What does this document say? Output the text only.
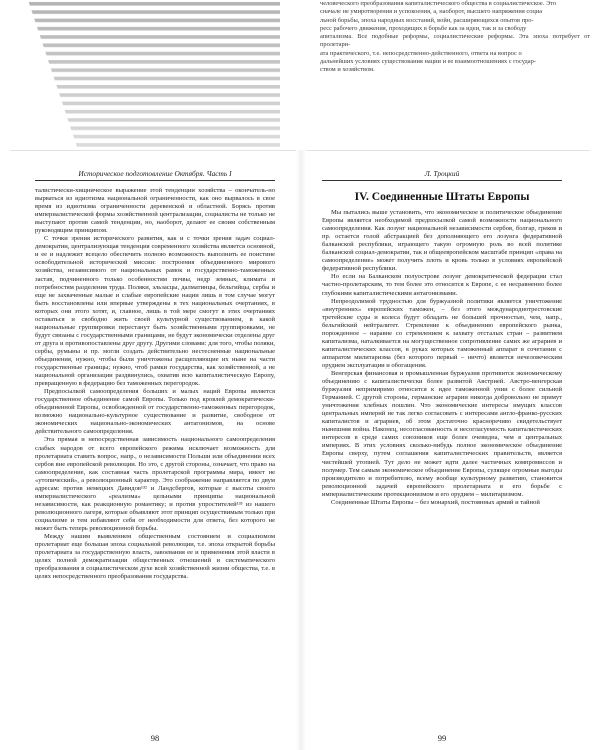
человеческого преобразования капиталистического общества в социалистическое. Это
сначале не умиротворения и успокоения, а, наоборот, высшего напряжения социа
льной борьбы, эпоха народных восстаний, войн, расширяющихся опытов про-
ресс рабочего движения, проходящих в борьбе как за идеи, так и за свободу
апитализма. Все подобные реформы, социалистические реформы. Эта эпоха потребует от пролетари-
ата практического, т.е. непосредственно-действенного, ответа на вопрос о
дальнейших условиях существования нации и ее взаимоотношениях с государ-
ством и хозяйством.
Историческое подготовление Октября. Часть I

талистически-хищническое выражение этой тенденции хозяйства – окончатель-но вырваться из идиотизма национальной ограниченности, как оно вырвалось в свое время из идиотизма ограниченности деревенской и областной. Борясь против империалистической формы хозяйственной централизации, социалисты не только не выступают против самой тенденции, но, наоборот, делают ее своим собственным руководящим принципом.

С точки зрения исторического развития, как и с точки зрения задач социал-демократии, централизующая тенденция современного хозяйства является основной, и ее и надлежит всецело обеспечить полною возможность выполнить ее поистине освободительной исторической миссии: построения объединенного мирового хозяйства, независимого от национальных рамок и государственно-таможенных застав, подчиненного только особенностям почвы, недр земных, климата и потребностям разделения труда. Поляки, эльзасцы, далматинцы, бельгийцы, сербы и еще не захваченные малые и слабые европейские нации лишь в том случае могут быть восстановлены или впервые утверждены в тех национальных очертаниях, в которых они этого хотят, и, главное, лишь в той мере смогут в этих очертаниях оставаться и свободно жить своей культурной существованием, в какой национальные группировки перестанут быть хозяйственными группировками, не будут связаны с государственными границами, не будут экономически отделены друг от друга и противопоставлены друг другу. Другими словами: для того, чтобы поляки, сербы, румыны и пр. могли создать действительно нестесненные национальные объединения, нужно, чтобы были уничтожены расщепляющие их ныне на части государственные границы; нужно, чтоб рамки государства, как хозяйственной, а не национальной организации раздвинулись, охватив всю капиталистическую Европу, превращенную в федерацию без таможенных перегородок.

Предпосылкой самоопределения больших и малых наций Европы является государственное объединение самой Европы. Только под кровлей демократически-объединенной Европы, освобожденной от государственно-таможенных перегородок, возможно национально-культурное существование и развитие, свободное от экономических национально-экономических антагонизмов, на основе действительного самоопределения.

Эта прямая и непосредственная зависимость национального самоопределения слабых народов от всего европейского режима исключает возможность для пролетариата ставить вопрос, напр., о независимости Польши или объединении всех сербов вне европейской революции. Но это, с другой стороны, означает, что право на самоопределение, как составная часть пролетарской программы мира, имеет не «утопический», а революционный характер. Это соображение направляется по двум адресам: против немецких Давидов¹³² и Ландсбергов, которые с высоты своего империалистического «реализма» цельными принципы национальной независимости, как реакционную романтику; и против упростителей¹³³ из нашего революционного лагеря, которые объявляют этот принцип осуществимым только при социализме и тем избавляют себя от необходимости для ответа, без которого не может быть теперь революционной борьбы.

Между нашим выявлением общественным состоянием и социализмом пролетариат еще большая эпоха социальной революции, т.е. эпоха открытой борьбы пролетариата за государственную власть, завоевания ее и применения этой власти в целях полной демократизации общественных отношений и систематического преобразования в социалистическом духе всей хозяйственной жизни общества, т.е. в целях непосредственного преобразования государства.

98
Л. Троцкий
IV. Соединенные Штаты Европы

Мы пытались выше установить, что экономическое и политическое объединение Европы является необходимой предпосылкой самой возможности национального самоопределения. Как лозунг национальной независимости сербов, болгар, греков и пр. остается голой абстракцией без дополняющего его лозунга федеративной балканской республики, играющего такую огромную роль во всей политике балканской социал-демократии, так и общеевропейском масштабе принцип «права на самоопределение» может получить плоть и кровь только в условиях европейской федеративной республики.

Но если на Балканском полуострове лозунг демократической федерации стал частно-пролетарским, то тем более это относится к Европе, с ее несравненно более глубокими капиталистическими антагонизмами.

Непреодолимой трудностью для буржуазной политики является уничтожение «внутренних» европейских таможен, – без этого международнотрестовские третейские суды и колеса будут обладать не большей прочностью, чем, напр., бельгийский нейтралитет. Стремление к объединению европейского рынка, порожденное – наравне со стремлением к захвату отсталых стран – развитием капитализма, наталкивается на могущественное сопротивление самих же аграриев и капиталистических классов, в руках которых таможенный аппарат в сочетании с аппаратом милитаризма (без которого первый – ничто) является нечеловеческим орудием эксплуатации и обогащения.

Венгерская финансовая и промышленная буржуазия противится экономическому объединению с капиталистически более развитой Австрией. Австро-венгерская буржуазия непримиримо относится к идее таможенной унии с более сильной Германией. С другой стороны, германские аграрии никогда добровольно не примут уничтожения хлебных пошлин. Что экономические интересы имущих классов центральных империй не так легко согласовать с интересами англо-франко-русских капиталистов и аграриев, об этом достаточно красноречиво свидетельствует нынешняя война. Наконец, несогласованность и несогласуемость капиталистических интересов в среде самих союзников еще более очевидна, чем в центральных империях. В этих условиях сколько-нибудь полное экономическое объединение Европы сверху, путем соглашения капиталистических правительств, является чистейшей утопией. Тут дело не может идти далее частичных компромиссов и полумер. Тем самым экономическое объединение Европы, сулящее огромные выгоды производителю и потребителю, всему вообще культурному развитию, становится революционной задачей европейского пролетариата в его борьбе с империалистическим протекционизмом и его орудием – милитаризмом.

Соединенные Штаты Европы – без монархий, постоянных армий и тайной

99
